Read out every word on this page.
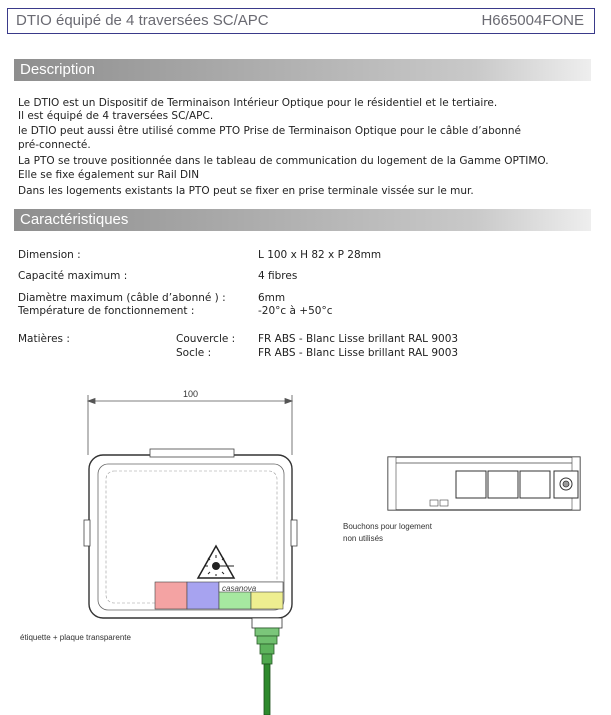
DTIO équipé de 4 traversées SC/APC	H665004FONE
Description
Le DTIO est un Dispositif de Terminaison Intérieur Optique pour le résidentiel et le tertiaire.
Il est équipé de 4 traversées SC/APC.
le DTIO peut aussi être utilisé comme PTO Prise de Terminaison Optique pour le câble d’abonné
pré-connecté.
La PTO se trouve positionnée dans le tableau de communication du logement de la Gamme OPTIMO.
Elle se fixe également sur Rail DIN
Dans les logements existants la PTO peut se fixer en prise terminale vissée sur le mur.
Caractéristiques
Dimension :	L 100 x H 82 x P 28mm
Capacité maximum :	4 fibres
Diamètre maximum (câble d’abonné ) :	6mm
Température de fonctionnement :	-20°c à +50°c
Matières :	Couvercle : FR ABS - Blanc Lisse brillant RAL 9003
Socle :	FR ABS - Blanc Lisse brillant RAL 9003
100
casanova
Bouchons pour logement
non utilisés
étiquette + plaque transparente
